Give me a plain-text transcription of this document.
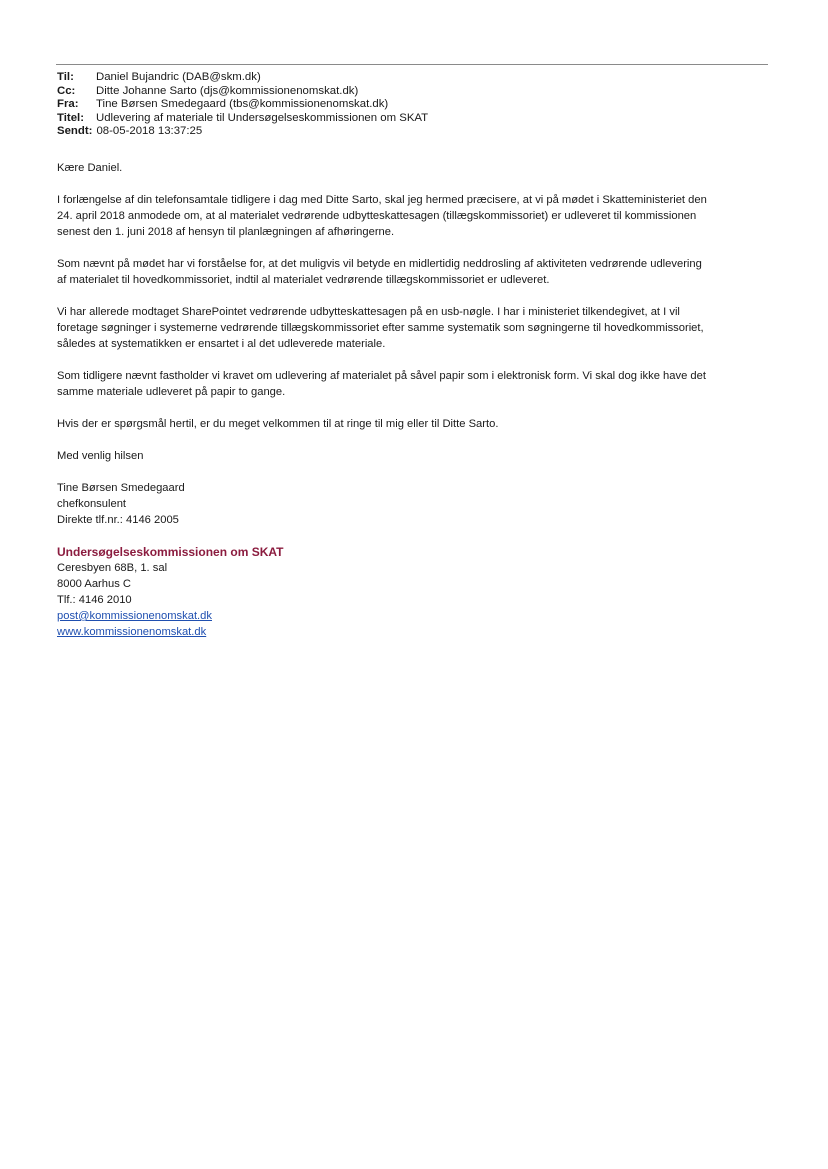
Til:	Daniel Bujandric (DAB@skm.dk)
Cc:	Ditte Johanne Sarto (djs@kommissionenomskat.dk)
Fra:	Tine Børsen Smedegaard (tbs@kommissionenomskat.dk)
Titel:	Udlevering af materiale til Undersøgelseskommissionen om SKAT
Sendt: 08-05-2018 13:37:25

Kære Daniel.

I forlængelse af din telefonsamtale tidligere i dag med Ditte Sarto, skal jeg hermed præcisere, at vi på mødet i Skatteministeriet den

24. april 2018 anmodede om, at al materialet vedrørende udbytteskattesagen (tillægskommissoriet) er udleveret til kommissionen

senest den 1. juni 2018 af hensyn til planlægningen af afhøringerne.

Som nævnt på mødet har vi forståelse for, at det muligvis vil betyde en midlertidig neddrosling af aktiviteten vedrørende udlevering

af materialet til hovedkommissoriet, indtil al materialet vedrørende tillægskommissoriet er udleveret.

Vi har allerede modtaget SharePointet vedrørende udbytteskattesagen på en usb-nøgle. I har i ministeriet tilkendegivet, at I vil

foretage søgninger i systemerne vedrørende tillægskommissoriet efter samme systematik som søgningerne til hovedkommissoriet,

således at systematikken er ensartet i al det udleverede materiale.

Som tidligere nævnt fastholder vi kravet om udlevering af materialet på såvel papir som i elektronisk form. Vi skal dog ikke have det

samme materiale udleveret på papir to gange.

Hvis der er spørgsmål hertil, er du meget velkommen til at ringe til mig eller til Ditte Sarto.

Med venlig hilsen

Tine Børsen Smedegaard

chefkonsulent

Direkte tlf.nr.: 4146 2005

Undersøgelseskommissionen om SKAT

Ceresbyen 68B, 1. sal

8000 Aarhus C

Tlf.: 4146 2010

post@kommissionenomskat.dk

www.kommissionenomskat.dk
